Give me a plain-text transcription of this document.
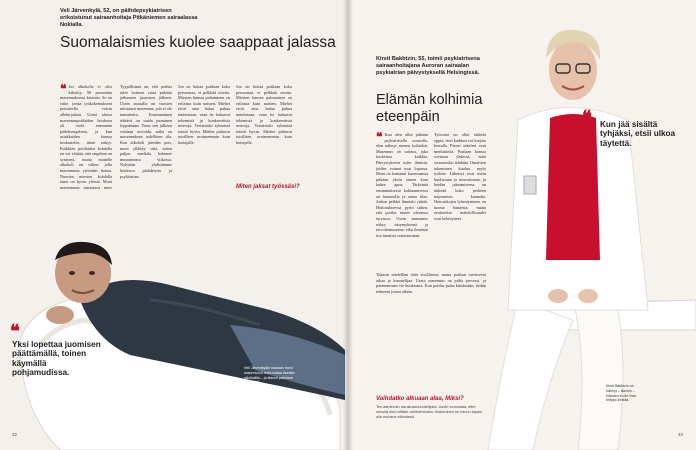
Veli Järvenkylä, 52, on päihdepsykiatrisen erikoistunut sairaanhoitaja Pitkäniemen sairaalassa Nokialla.
Suomalaismies kuolee saappaat jalassa
❝ Jos alkoholia ei olisi keksitty, 90 prosenttia masennuksesta katoaisi. Se on väite, jonka työkokemukseni perusteella voisin allekirjoittaa. Urani alussa masennuspotilaiden hoidossa oli vielä enemmän päihdeongelmia, ja kun asiakkaiden kanssa keskustelee, tämä näkyy. Kaikkien potilaiden kohdalla en voi väittää, että ongelma on syntynyt, mutta monelle alkoholi on väline, jolla masennusta yritetään hoitaa. Nuorten miesten kohdalla tämä on hyvin yleistä. Moni masennusta sairastava mies
Tyypillisintä on, että potilas tulee hoitoon vasta pitkään jatkuneen juomisen jälkeen. Usein taustalla on vuosien mittainen masennus, jota ei ole tunnistettu. Ensimmäinen tehtävä on saada juominen loppumaan. Vasta sen jälkeen voidaan arvioida, mikä on masennuksen todellinen tila. Kun alkoholi jätetään pois, moni yllättyy siitä, miten paljon mieliala kohenee muutamassa viikossa. Nykyään yhdistämme hoidossa päihdetyön ja psykiatrian.
Joo on hoitaa potilaan koko persoonaa, ei pelkkää oiretta. Miesten kanssa puhuminen on erilaista kuin naisten. Miehet eivät aina halua puhua tunteistaan, vaan he haluavat tekemistä ja konkreettisia neuvoja. Vertaistuki ryhmissä toimii hyvin. Miehet puhuvat toisilleen avoimemmin kuin hoitajalle.
Joo on hoitaa potilaan koko persoonaa, ei pelkkää oiretta. Miesten kanssa puhuminen on erilaista kuin naisten. Miehet eivät aina halua puhua tunteistaan, vaan he haluavat tekemistä ja konkreettisia neuvoja. Vertaistuki ryhmissä toimii hyvin. Miehet puhuvat toisilleen avoimemmin kuin hoitajalle.
Miten jaksat työssäsi?
❝
Yksi lopettaa juomisen päättämällä, toinen käymällä pohjamudissa.
Veli Järvenkylän mukaan moni masentunut mies hoitaa itseään alkoholilla – ja tilanne pahenee kierteeksi.
32
Kirsti Bakbtzin, 55, toimii psykiatrisena sairaanhoitajana Auroran sairaalan psykiatrian päivystyksellä Helsingissä.
Elämän kolhimia eteenpäin
❝ Kun olen ollut pitkään psykiatrisella osastolla, olen nähnyt monen kohtalon. Masennus on sairaus, joka koskettaa kaikkia. Päivystykseen tulee ihmisiä, joiden voimat ovat lopussa. Moni on kantanut kuormaansa pitkään yksin ennen kuin hakee apua. Tärkeintä ensimmäisessä kohtaamisessa on kuunnella ja antaa tilaa. Joskus pelkkä läsnäolo riittää. Hoitosuhteessa pyrin siihen, että potilas tuntee olevansa turvassa. Usein masennus näkyy väsymyksenä ja toivottomuutena, eikä ihminen itse tunnista sairastavansa.
Työssäni on ollut tärkeää oppia, ettei kaikkea voi korjata kerralla. Pienet askeleet ovat merkittäviä. Potilaan kanssa sovitaan yhdessä, mitä seuraavaksi tehdään. Omaisten tukeminen kuuluu myös työhön. Läheiset ovat usein huolissaan ja neuvottomia, ja heidän jaksamisensa on tärkeää koko perheen toipumisen kannalta. Hoitoaikojen lyhentyminen on tuonut haasteita, mutta avohoidon mahdollisuudet ovat kehittyneet.
Tokasin mielelläni töitä sivullisena, mutta potilaat tarvitsevat aikaa ja kuuntelijaa. Usein masennus on pitkä prosessi, ja paraneminen vie kuukausia. Kun potilas palaa kiittämään, tiedän tehneeni jotain oikein.
Vaihdatko alkuaan alaa, Miksi?
Ten aamiumin sisustusavuuntelijoita. Usein tunnustaa, ettei minulla olisi mitään vaihtoehtoista. Hoitaminen on minun tapani olla mukana elämässä.
❝ Kun jää sisältä tyhjäksi, etsii ulkoa täytettä.
Kirsti Bakbtzin on nähnyt – liiankin – elämien ei ole ihan helppo kestää.
33
